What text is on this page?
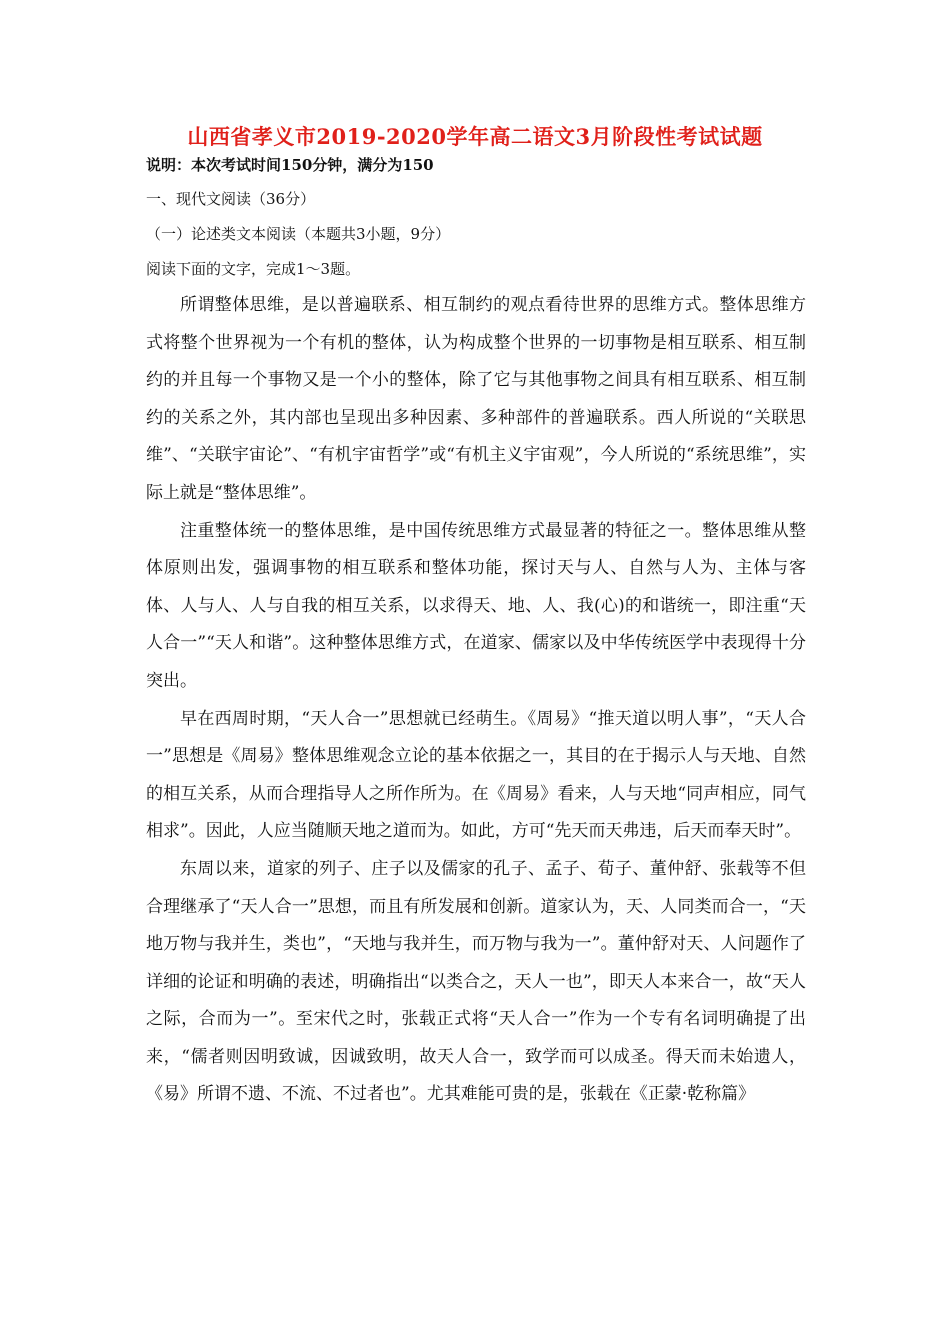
山西省孝义市2019-2020学年高二语文3月阶段性考试试题
说明：本次考试时间150分钟，满分为150
一、现代文阅读（36分）
（一）论述类文本阅读（本题共3小题，9分）
阅读下面的文字，完成1～3题。

所谓整体思维，是以普遍联系、相互制约的观点看待世界的思维方式。整体思维方式将整个世界视为一个有机的整体，认为构成整个世界的一切事物是相互联系、相互制约的并且每一个事物又是一个小的整体，除了它与其他事物之间具有相互联系、相互制约的关系之外，其内部也呈现出多种因素、多种部件的普遍联系。西人所说的“关联思维”、“关联宇宙论”、“有机宇宙哲学”或“有机主义宇宙观”，今人所说的“系统思维”，实际上就是“整体思维”。

注重整体统一的整体思维，是中国传统思维方式最显著的特征之一。整体思维从整体原则出发，强调事物的相互联系和整体功能，探讨天与人、自然与人为、主体与客体、人与人、人与自我的相互关系，以求得天、地、人、我(心)的和谐统一，即注重“天人合一”“天人和谐”。这种整体思维方式，在道家、儒家以及中华传统医学中表现得十分突出。

早在西周时期，“天人合一”思想就已经萌生。《周易》“推天道以明人事”，“天人合一”思想是《周易》整体思维观念立论的基本依据之一，其目的在于揭示人与天地、自然的相互关系，从而合理指导人之所作所为。在《周易》看来，人与天地“同声相应，同气相求”。因此，人应当随顺天地之道而为。如此，方可“先天而天弗违，后天而奉天时”。

东周以来，道家的列子、庄子以及儒家的孔子、孟子、荀子、董仲舒、张载等不但合理继承了“天人合一”思想，而且有所发展和创新。道家认为，天、人同类而合一，“天地万物与我并生，类也”，“天地与我并生，而万物与我为一”。董仲舒对天、人问题作了详细的论证和明确的表述，明确指出“以类合之，天人一也”，即天人本来合一，故“天人之际，合而为一”。至宋代之时，张载正式将“天人合一”作为一个专有名词明确提了出来，“儒者则因明致诚，因诚致明，故天人合一，致学而可以成圣。得天而未始遗人，《易》所谓不遗、不流、不过者也”。尤其难能可贵的是，张载在《正蒙·乾称篇》
